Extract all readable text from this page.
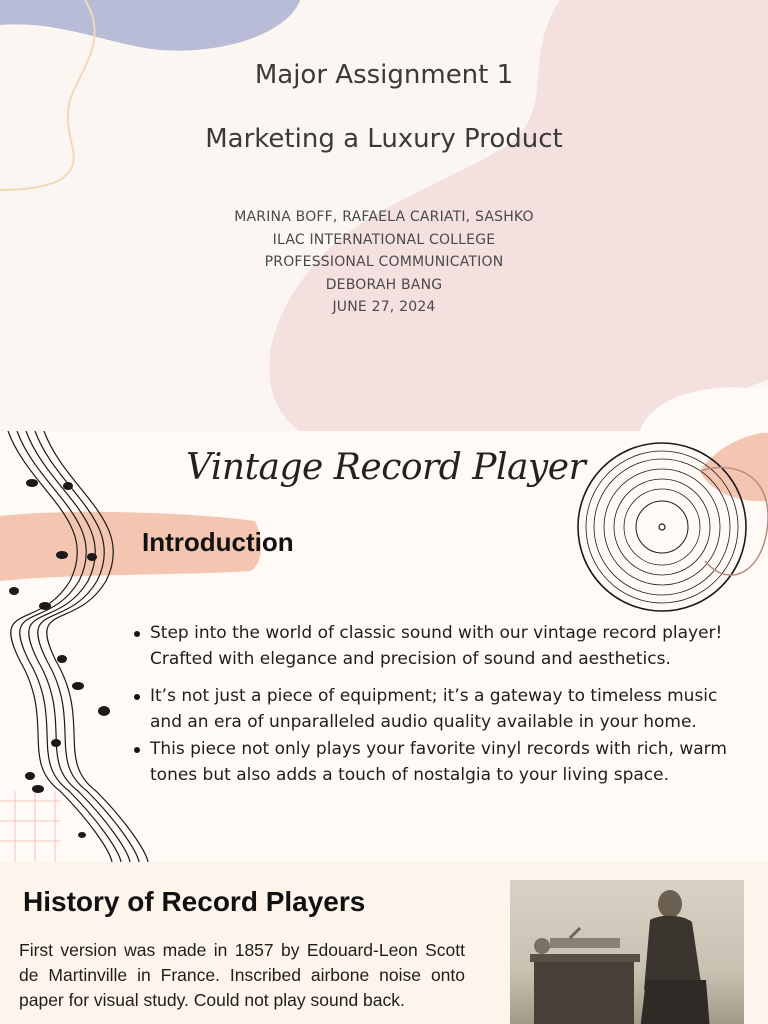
Major Assignment 1
Marketing a Luxury Product
MARINA BOFF, RAFAELA CARIATI, SASHKO
ILAC INTERNATIONAL COLLEGE
PROFESSIONAL COMMUNICATION
DEBORAH BANG
JUNE 27, 2024
Vintage Record Player
Introduction
Step into the world of classic sound with our vintage record player! Crafted with elegance and precision of sound and aesthetics.
It’s not just a piece of equipment; it’s a gateway to timeless music and an era of unparalleled audio quality available in your home.
This piece not only plays your favorite vinyl records with rich, warm tones but also adds a touch of nostalgia to your living space.
History of Record Players

First version was made in 1857 by Edouard-Leon Scott de Martinville in France. Inscribed airbone noise onto paper for visual study. Could not play sound back.
